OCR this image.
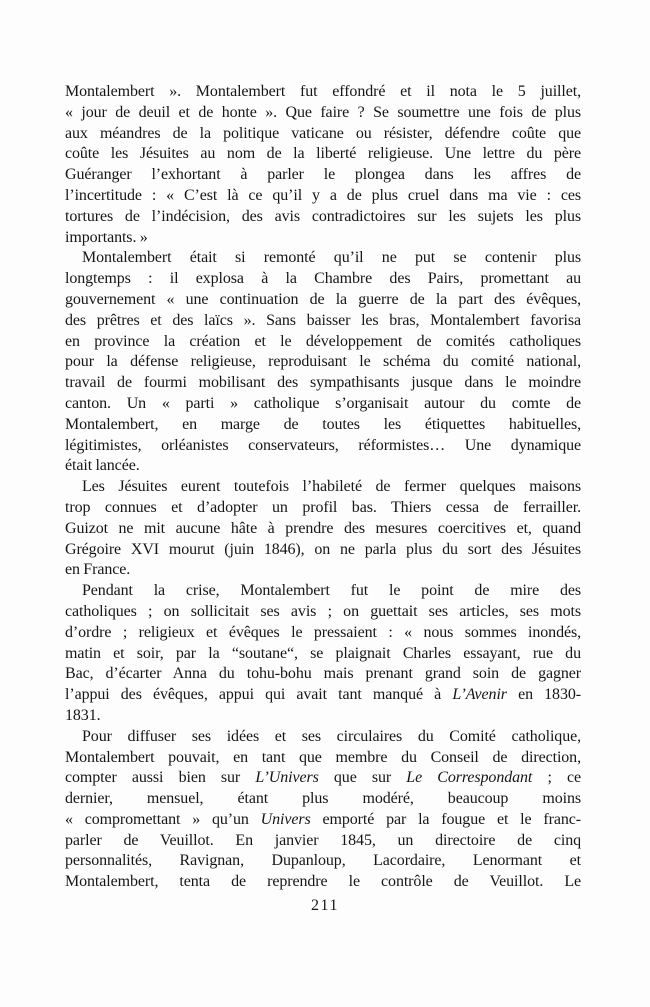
Montalembert ». Montalembert fut effondré et il nota le 5 juillet,
« jour de deuil et de honte ». Que faire ? Se soumettre une fois de plus
aux méandres de la politique vaticane ou résister, défendre coûte que
coûte les Jésuites au nom de la liberté religieuse. Une lettre du père
Guéranger l’exhortant à parler le plongea dans les affres de
l’incertitude : « C’est là ce qu’il y a de plus cruel dans ma vie : ces
tortures de l’indécision, des avis contradictoires sur les sujets les plus
importants. »
Montalembert était si remonté qu’il ne put se contenir plus
longtemps : il explosa à la Chambre des Pairs, promettant au
gouvernement « une continuation de la guerre de la part des évêques,
des prêtres et des laïcs ». Sans baisser les bras, Montalembert favorisa
en province la création et le développement de comités catholiques
pour la défense religieuse, reproduisant le schéma du comité national,
travail de fourmi mobilisant des sympathisants jusque dans le moindre
canton. Un « parti » catholique s’organisait autour du comte de
Montalembert, en marge de toutes les étiquettes habituelles,
légitimistes, orléanistes conservateurs, réformistes… Une dynamique
était lancée.
Les Jésuites eurent toutefois l’habileté de fermer quelques maisons
trop connues et d’adopter un profil bas. Thiers cessa de ferrailler.
Guizot ne mit aucune hâte à prendre des mesures coercitives et, quand
Grégoire XVI mourut (juin 1846), on ne parla plus du sort des Jésuites
en France.
Pendant la crise, Montalembert fut le point de mire des
catholiques ; on sollicitait ses avis ; on guettait ses articles, ses mots
d’ordre ; religieux et évêques le pressaient : « nous sommes inondés,
matin et soir, par la “soutane“, se plaignait Charles essayant, rue du
Bac, d’écarter Anna du tohu-bohu mais prenant grand soin de gagner
l’appui des évêques, appui qui avait tant manqué à L’Avenir en 1830-
1831.
Pour diffuser ses idées et ses circulaires du Comité catholique,
Montalembert pouvait, en tant que membre du Conseil de direction,
compter aussi bien sur L’Univers que sur Le Correspondant ; ce
dernier, mensuel, étant plus modéré, beaucoup moins
« compromettant » qu’un Univers emporté par la fougue et le franc-
parler de Veuillot. En janvier 1845, un directoire de cinq
personnalités, Ravignan, Dupanloup, Lacordaire, Lenormant et
Montalembert, tenta de reprendre le contrôle de Veuillot. Le
211
